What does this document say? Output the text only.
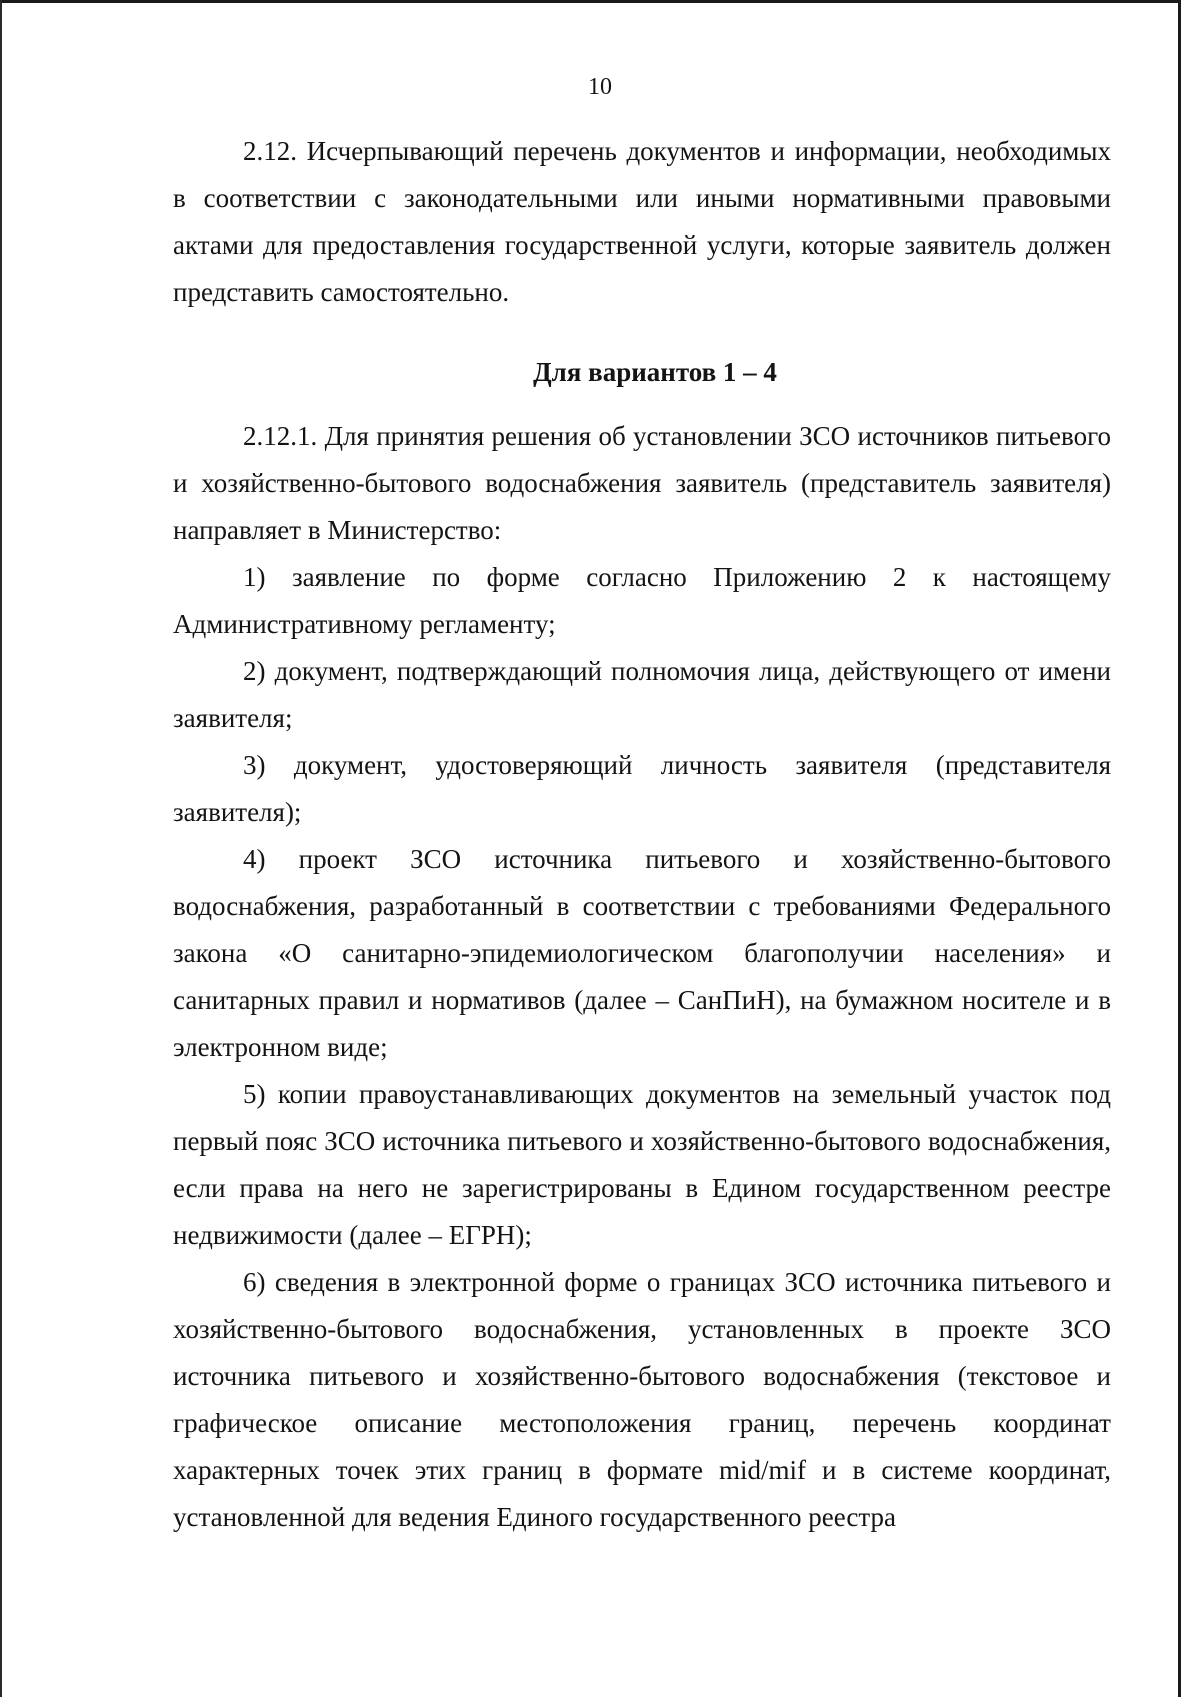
10

2.12. Исчерпывающий перечень документов и информации, необходимых в соответствии с законодательными или иными нормативными правовыми актами для предоставления государственной услуги, которые заявитель должен представить самостоятельно.

Для вариантов 1 – 4

2.12.1. Для принятия решения об установлении ЗСО источников питьевого и хозяйственно-бытового водоснабжения заявитель (представитель заявителя) направляет в Министерство:

1) заявление по форме согласно Приложению 2 к настоящему Административному регламенту;

2) документ, подтверждающий полномочия лица, действующего от имени заявителя;

3) документ, удостоверяющий личность заявителя (представителя заявителя);

4) проект ЗСО источника питьевого и хозяйственно-бытового водоснабжения, разработанный в соответствии с требованиями Федерального закона «О санитарно-эпидемиологическом благополучии населения» и санитарных правил и нормативов (далее – СанПиН), на бумажном носителе и в электронном виде;

5) копии правоустанавливающих документов на земельный участок под первый пояс ЗСО источника питьевого и хозяйственно-бытового водоснабжения, если права на него не зарегистрированы в Едином государственном реестре недвижимости (далее – ЕГРН);

6) сведения в электронной форме о границах ЗСО источника питьевого и хозяйственно-бытового водоснабжения, установленных в проекте ЗСО источника питьевого и хозяйственно-бытового водоснабжения (текстовое и графическое описание местоположения границ, перечень координат характерных точек этих границ в формате mid/mif и в системе координат, установленной для ведения Единого государственного реестра
